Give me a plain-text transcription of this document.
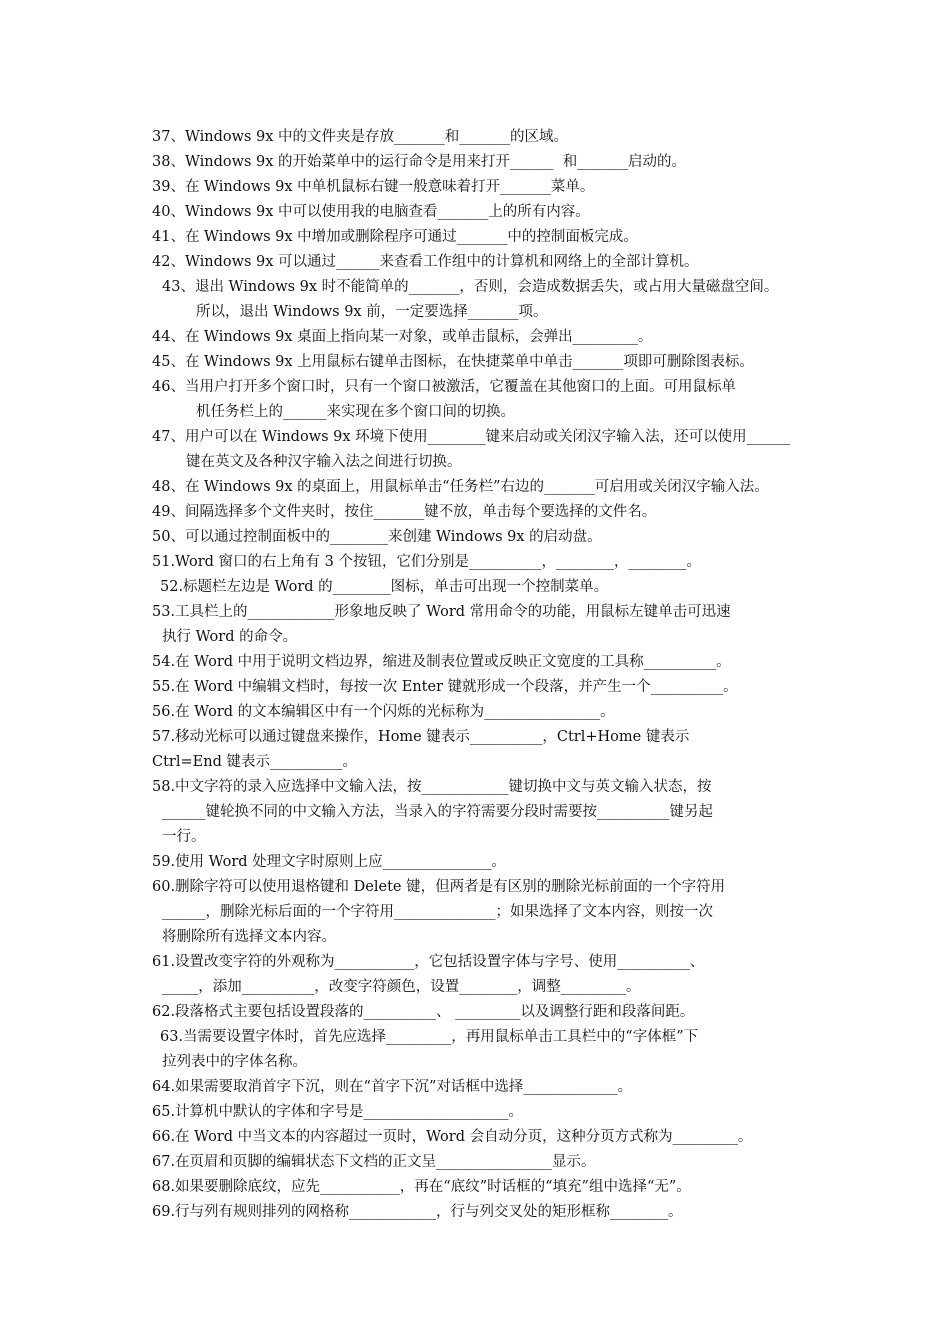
37、Windows 9x 中的文件夹是存放_______和_______的区域。
38、Windows 9x 的开始菜单中的运行命令是用来打开______  和_______启动的。
39、在 Windows 9x 中单机鼠标右键一般意味着打开_______菜单。
40、Windows 9x 中可以使用我的电脑查看_______上的所有内容。
41、在 Windows 9x 中增加或删除程序可通过_______中的控制面板完成。
42、Windows 9x 可以通过______来查看工作组中的计算机和网络上的全部计算机。
43、退出 Windows 9x 时不能简单的_______，否则，会造成数据丢失，或占用大量磁盘空间。
所以，退出 Windows 9x 前，一定要选择_______项。
44、在 Windows 9x 桌面上指向某一对象，或单击鼠标，会弹出_________。
45、在 Windows 9x 上用鼠标右键单击图标，在快捷菜单中单击_______项即可删除图表标。
46、当用户打开多个窗口时，只有一个窗口被激活，它覆盖在其他窗口的上面。可用鼠标单
机任务栏上的______来实现在多个窗口间的切换。
47、用户可以在 Windows 9x 环境下使用________键来启动或关闭汉字输入法，还可以使用______
键在英文及各种汉字输入法之间进行切换。
48、在 Windows 9x 的桌面上，用鼠标单击“任务栏”右边的_______可启用或关闭汉字输入法。
49、间隔选择多个文件夹时，按住_______键不放，单击每个要选择的文件名。
50、可以通过控制面板中的________来创建 Windows 9x 的启动盘。
51.Word 窗口的右上角有 3 个按钮，它们分别是__________，________，________。
52.标题栏左边是 Word 的________图标，单击可出现一个控制菜单。
53.工具栏上的____________形象地反映了 Word 常用命令的功能，用鼠标左键单击可迅速
执行 Word 的命令。
54.在 Word 中用于说明文档边界，缩进及制表位置或反映正文宽度的工具称__________。
55.在 Word 中编辑文档时，每按一次 Enter 键就形成一个段落，并产生一个__________。
56.在 Word 的文本编辑区中有一个闪烁的光标称为________________。
57.移动光标可以通过键盘来操作，Home 键表示__________，Ctrl+Home 键表示
Ctrl=End 键表示__________。
58.中文字符的录入应选择中文输入法，按____________键切换中文与英文输入状态，按
______键轮换不同的中文输入方法，当录入的字符需要分段时需要按__________键另起
一行。
59.使用 Word 处理文字时原则上应_______________。
60.删除字符可以使用退格键和 Delete 键，但两者是有区别的删除光标前面的一个字符用
______，删除光标后面的一个字符用______________；如果选择了文本内容，则按一次
将删除所有选择文本内容。
61.设置改变字符的外观称为___________，它包括设置字体与字号、使用__________、
_____，添加__________，改变字符颜色，设置________，调整_________。
62.段落格式主要包括设置段落的__________、 _________以及调整行距和段落间距。
63.当需要设置字体时，首先应选择_________，再用鼠标单击工具栏中的“字体框”下
拉列表中的字体名称。
64.如果需要取消首字下沉，则在“首字下沉”对话框中选择_____________。
65.计算机中默认的字体和字号是____________________。
66.在 Word 中当文本的内容超过一页时，Word 会自动分页，这种分页方式称为_________。
67.在页眉和页脚的编辑状态下文档的正文呈________________显示。
68.如果要删除底纹，应先___________，再在“底纹”时话框的“填充”组中选择“无”。
69.行与列有规则排列的网格称____________，行与列交叉处的矩形框称________。
